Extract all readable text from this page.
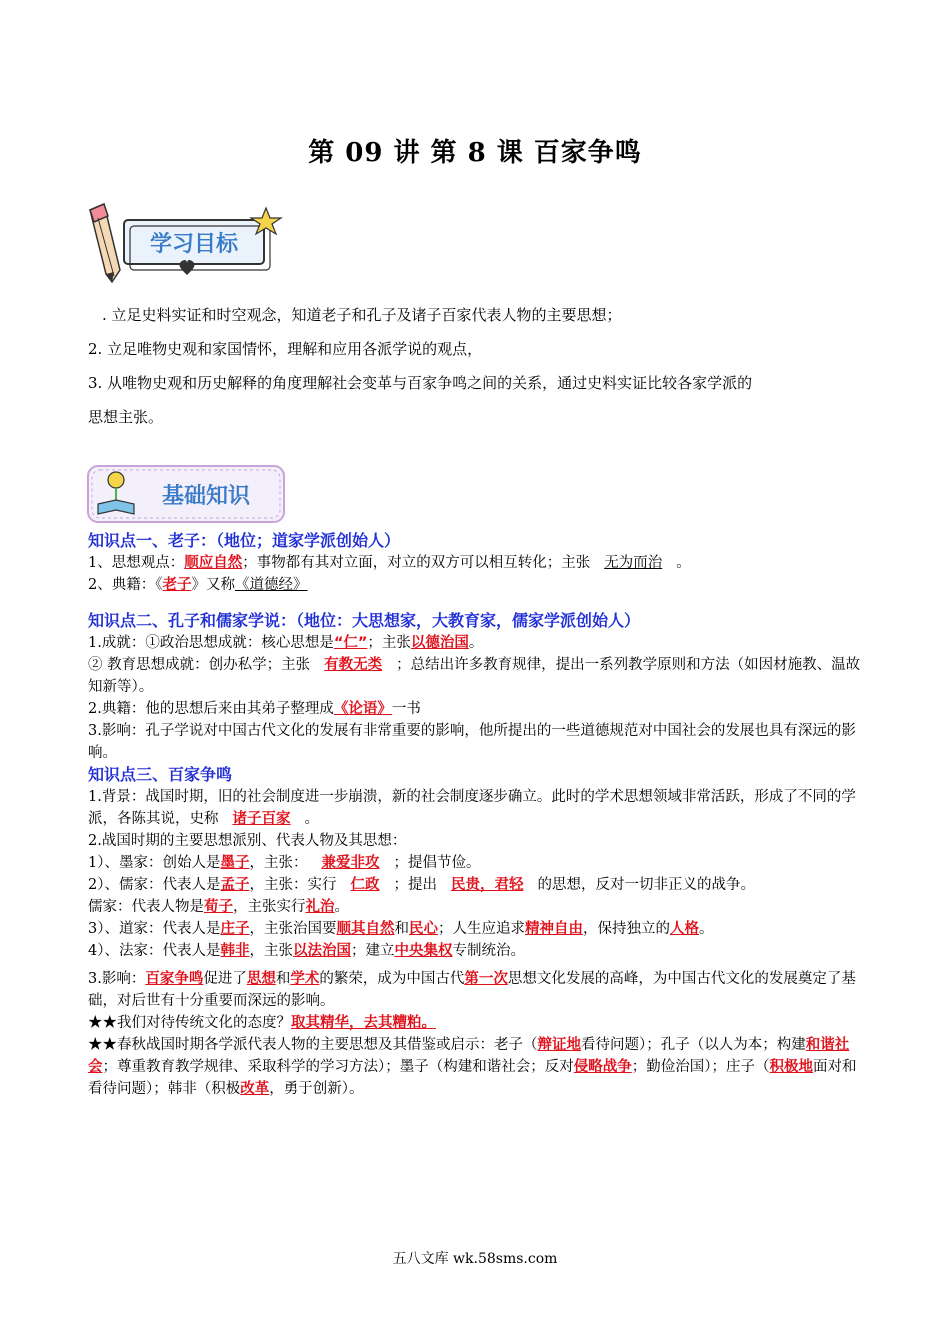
第 09 讲 第 8 课 百家争鸣
学习目标

. 立足史料实证和时空观念，知道老子和孔子及诸子百家代表人物的主要思想；

2. 立足唯物史观和家国情怀，理解和应用各派学说的观点，

3. 从唯物史观和历史解释的角度理解社会变革与百家争鸣之间的关系，通过史料实证比较各家学派的

思想主张。

基础知识

知识点一、老子：（地位；道家学派创始人）

1、思想观点：顺应自然；事物都有其对立面，对立的双方可以相互转化；主张 无为而治 。

2、典籍：《老子》又称《道德经》

知识点二、孔子和儒家学说：（地位：大思想家，大教育家，儒家学派创始人）

1.成就：①政治思想成就：核心思想是“仁”；主张以德治国。

② 教育思想成就：创办私学；主张 有教无类 ；总结出许多教育规律，提出一系列教学原则和方法（如因材施教、温故知新等）。

2.典籍：他的思想后来由其弟子整理成《论语》一书

3.影响：孔子学说对中国古代文化的发展有非常重要的影响，他所提出的一些道德规范对中国社会的发展也具有深远的影响。

知识点三、百家争鸣

1.背景：战国时期，旧的社会制度进一步崩溃，新的社会制度逐步确立。此时的学术思想领域非常活跃，形成了不同的学派，各陈其说，史称 诸子百家 。

2.战国时期的主要思想派别、代表人物及其思想：

1）、墨家：创始人是墨子，主张： 兼爱非攻 ；提倡节俭。

2）、儒家：代表人是孟子，主张：实行 仁政 ；提出 民贵，君轻 的思想，反对一切非正义的战争。

儒家：代表人物是荀子，主张实行礼治。

3）、道家：代表人是庄子，主张治国要顺其自然和民心；人生应追求精神自由，保持独立的人格。

4）、法家：代表人是韩非，主张以法治国；建立中央集权专制统治。

3.影响：百家争鸣促进了思想和学术的繁荣，成为中国古代第一次思想文化发展的高峰，为中国古代文化的发展奠定了基础，对后世有十分重要而深远的影响。

★★我们对待传统文化的态度？取其精华，去其糟粕。

★★春秋战国时期各学派代表人物的主要思想及其借鉴或启示：老子（辩证地看待问题）；孔子（以人为本；构建和谐社会；尊重教育教学规律、采取科学的学习方法）；墨子（构建和谐社会；反对侵略战争；勤俭治国）；庄子（积极地面对和看待问题）；韩非（积极改革，勇于创新）。

五八文库 wk.58sms.com
